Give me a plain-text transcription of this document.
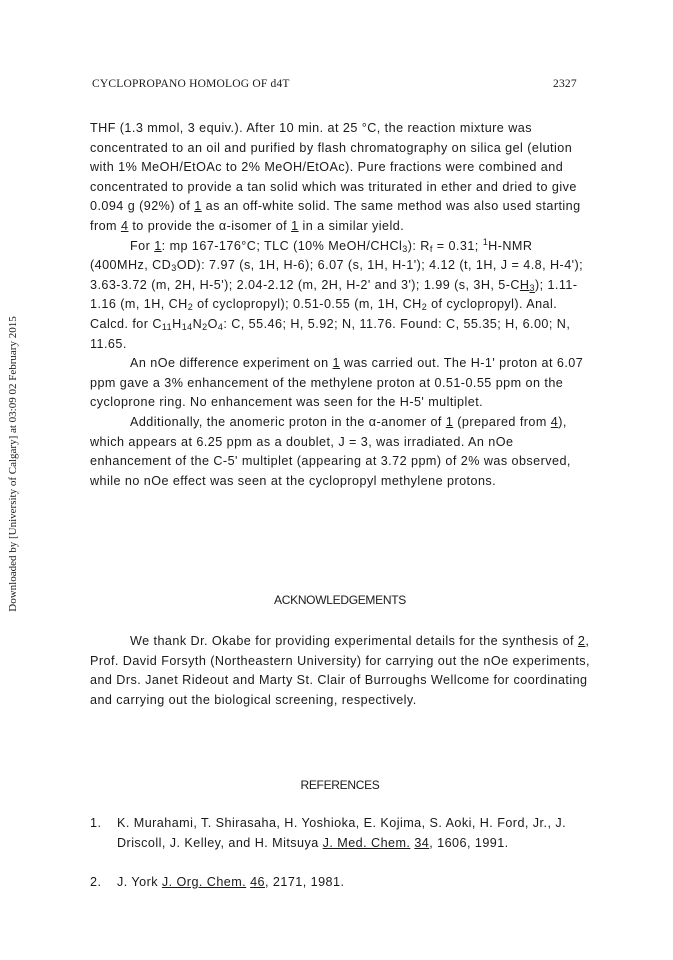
CYCLOPROPANO HOMOLOG OF d4T	2327
Downloaded by [University of Calgary] at 03:09 02 February 2015

THF (1.3 mmol, 3 equiv.). After 10 min. at 25 °C, the reaction mixture was concentrated to an oil and purified by flash chromatography on silica gel (elution with 1% MeOH/EtOAc to 2% MeOH/EtOAc). Pure fractions were combined and concentrated to provide a tan solid which was triturated in ether and dried to give 0.094 g (92%) of 1 as an off-white solid. The same method was also used starting from 4 to provide the α-isomer of 1 in a similar yield.

For 1: mp 167-176°C; TLC (10% MeOH/CHCl$_3$): $R_f = 0.31$; $^1$H-NMR (400MHz, $CD_3OD$): 7.97 (s, 1H, H-6); 6.07 (s, 1H, H-1'); 4.12 (t, 1H, J = 4.8, H-4'); 3.63-3.72 (m, 2H, H-5'); 2.04-2.12 (m, 2H, H-2' and 3'); 1.99 (s, 3H, $5-CH_3$); 1.11-1.16 (m, 1H, $CH_2$ of cyclopropyl); 0.51-0.55 (m, 1H, $CH_2$ of cyclopropyl). Anal. Calcd. for $C_{11}H_{14}N_2O_4$: C, 55.46; H, 5.92; N, 11.76. Found: C, 55.35; H, 6.00; N, 11.65.

An nOe difference experiment on 1 was carried out. The H-1' proton at 6.07 ppm gave a 3% enhancement of the methylene proton at 0.51-0.55 ppm on the cycloprone ring. No enhancement was seen for the H-5' multiplet.

Additionally, the anomeric proton in the α-anomer of 1 (prepared from 4), which appears at 6.25 ppm as a doublet, J = 3, was irradiated. An nOe enhancement of the C-5' multiplet (appearing at 3.72 ppm) of 2% was observed, while no nOe effect was seen at the cyclopropyl methylene protons.

ACKNOWLEDGEMENTS

We thank Dr. Okabe for providing experimental details for the synthesis of 2, Prof. David Forsyth (Northeastern University) for carrying out the nOe experiments, and Drs. Janet Rideout and Marty St. Clair of Burroughs Wellcome for coordinating and carrying out the biological screening, respectively.

REFERENCES
1. K. Murahami, T. Shirasaha, H. Yoshioka, E. Kojima, S. Aoki, H. Ford, Jr., J. Driscoll, J. Kelley, and H. Mitsuya J. Med. Chem. 34, 1606, 1991.
2. J. York J. Org. Chem. 46, 2171, 1981.
